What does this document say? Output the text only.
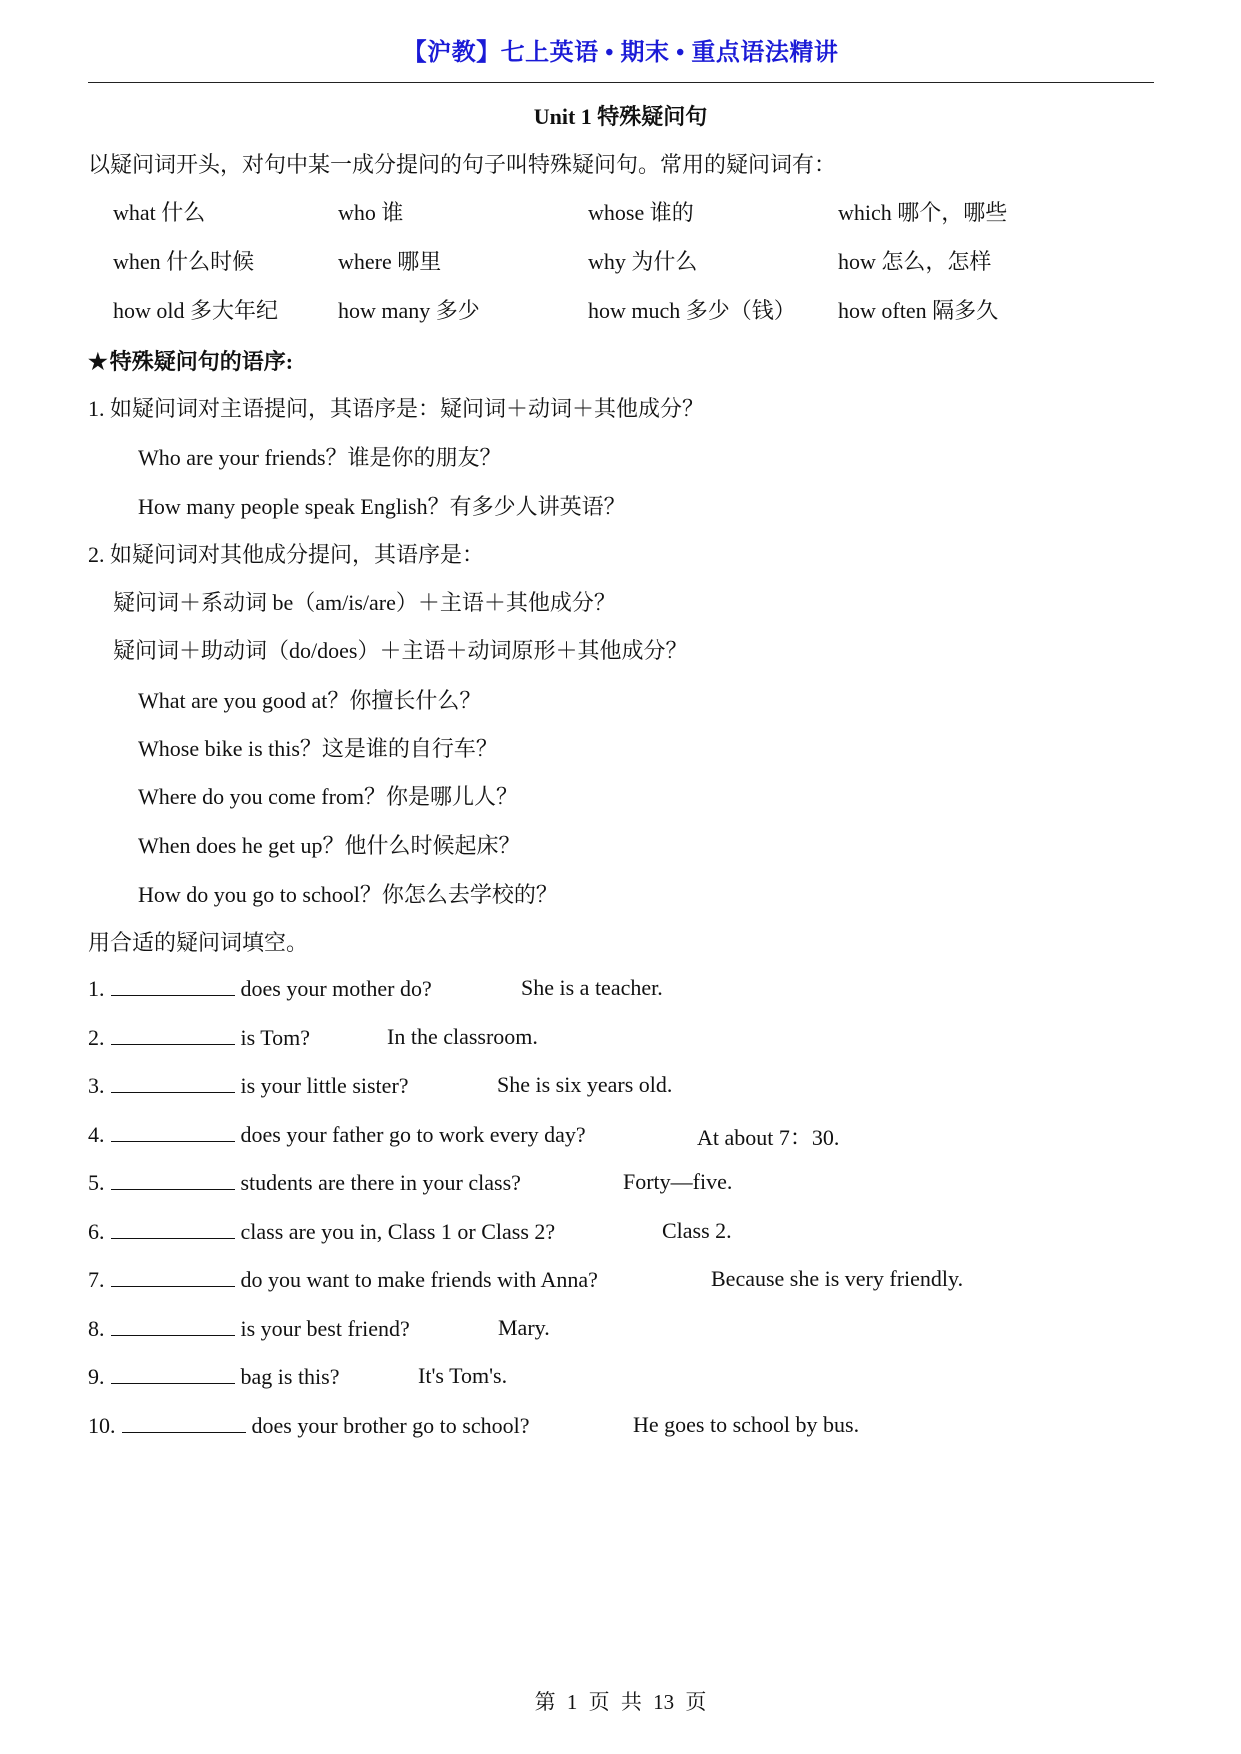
【沪教】七上英语 • 期末 • 重点语法精讲
Unit 1 特殊疑问句
以疑问词开头，对句中某一成分提问的句子叫特殊疑问句。常用的疑问词有：
what 什么	who 谁	whose 谁的	which 哪个，哪些
when 什么时候	where 哪里	why 为什么	how 怎么，怎样
how old 多大年纪	how many 多少	how much 多少（钱） how often 隔多久
★特殊疑问句的语序:
1. 如疑问词对主语提问，其语序是：疑问词＋动词＋其他成分？
Who are your friends？谁是你的朋友？
How many people speak English？有多少人讲英语？
2. 如疑问词对其他成分提问，其语序是：
疑问词＋系动词 be（am/is/are）＋主语＋其他成分？
疑问词＋助动词（do/does）＋主语＋动词原形＋其他成分？
What are you good at？你擅长什么？
Whose bike is this？这是谁的自行车？
Where do you come from？你是哪儿人？
When does he get up？他什么时候起床？
How do you go to school？你怎么去学校的？
用合适的疑问词填空。
1.	does your mother do?	She is a teacher.
2.	is Tom?	In the classroom.
3.	is your little sister?	She is six years old.
4.	does your father go to work every day?	At about 7：30.
5.	students are there in your class?	Forty—five.
6.	class are you in, Class 1 or Class 2?	Class 2.
7.	do you want to make friends with Anna?	Because she is very friendly.
8.	is your best friend?	Mary.
9.	bag is this?	It's Tom's.
10.	does your brother go to school?	He goes to school by bus.
第 1 页 共 13 页
